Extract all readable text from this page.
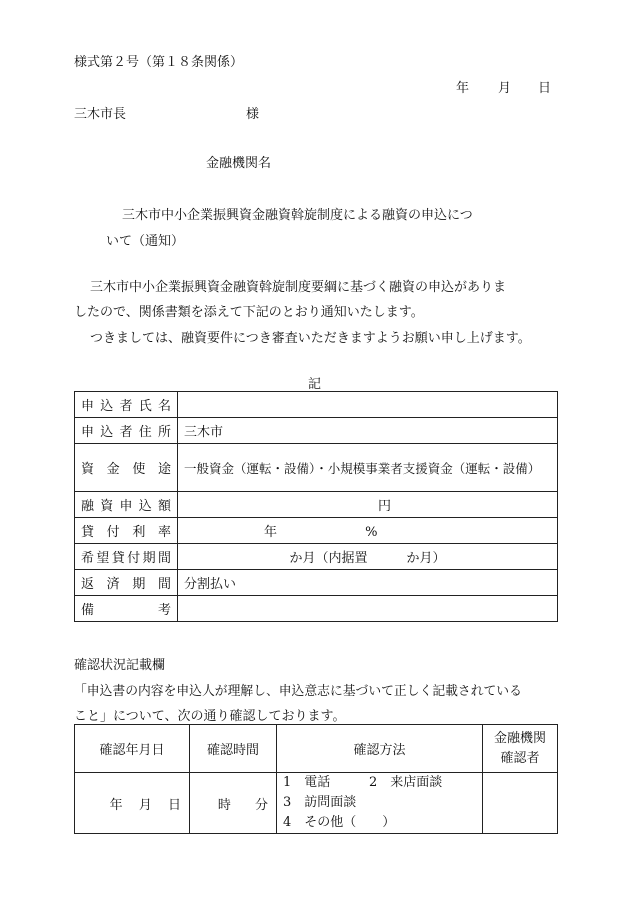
様式第２号（第１８条関係）
年 月 日
三木市長	様
金融機関名
三木市中小企業振興資金融資斡旋制度による融資の申込につ
いて（通知）
三木市中小企業振興資金融資斡旋制度要綱に基づく融資の申込がありま
したので、関係書類を添えて下記のとおり通知いたします。
つきましては、融資要件につき審査いただきますようお願い申し上げます。
記
申込者氏名	
申込者住所	三木市
資金使途	一般資金（運転・設備）・小規模事業者支援資金（運転・設備）
融資申込額	円
貸付利率	年 %
希望貸付期間	か月（内据置　　　か月）
返済期間	分割払い
備考	
確認状況記載欄
「申込書の内容を申込人が理解し、申込意志に基づいて正しく記載されている
こと」について、次の通り確認しております。
確認年月日	確認時間	確認方法	金融機関
確認者

年 月 日	時 分	1　電話 2　来店面談
3　訪問面談4　その他（　　）	
